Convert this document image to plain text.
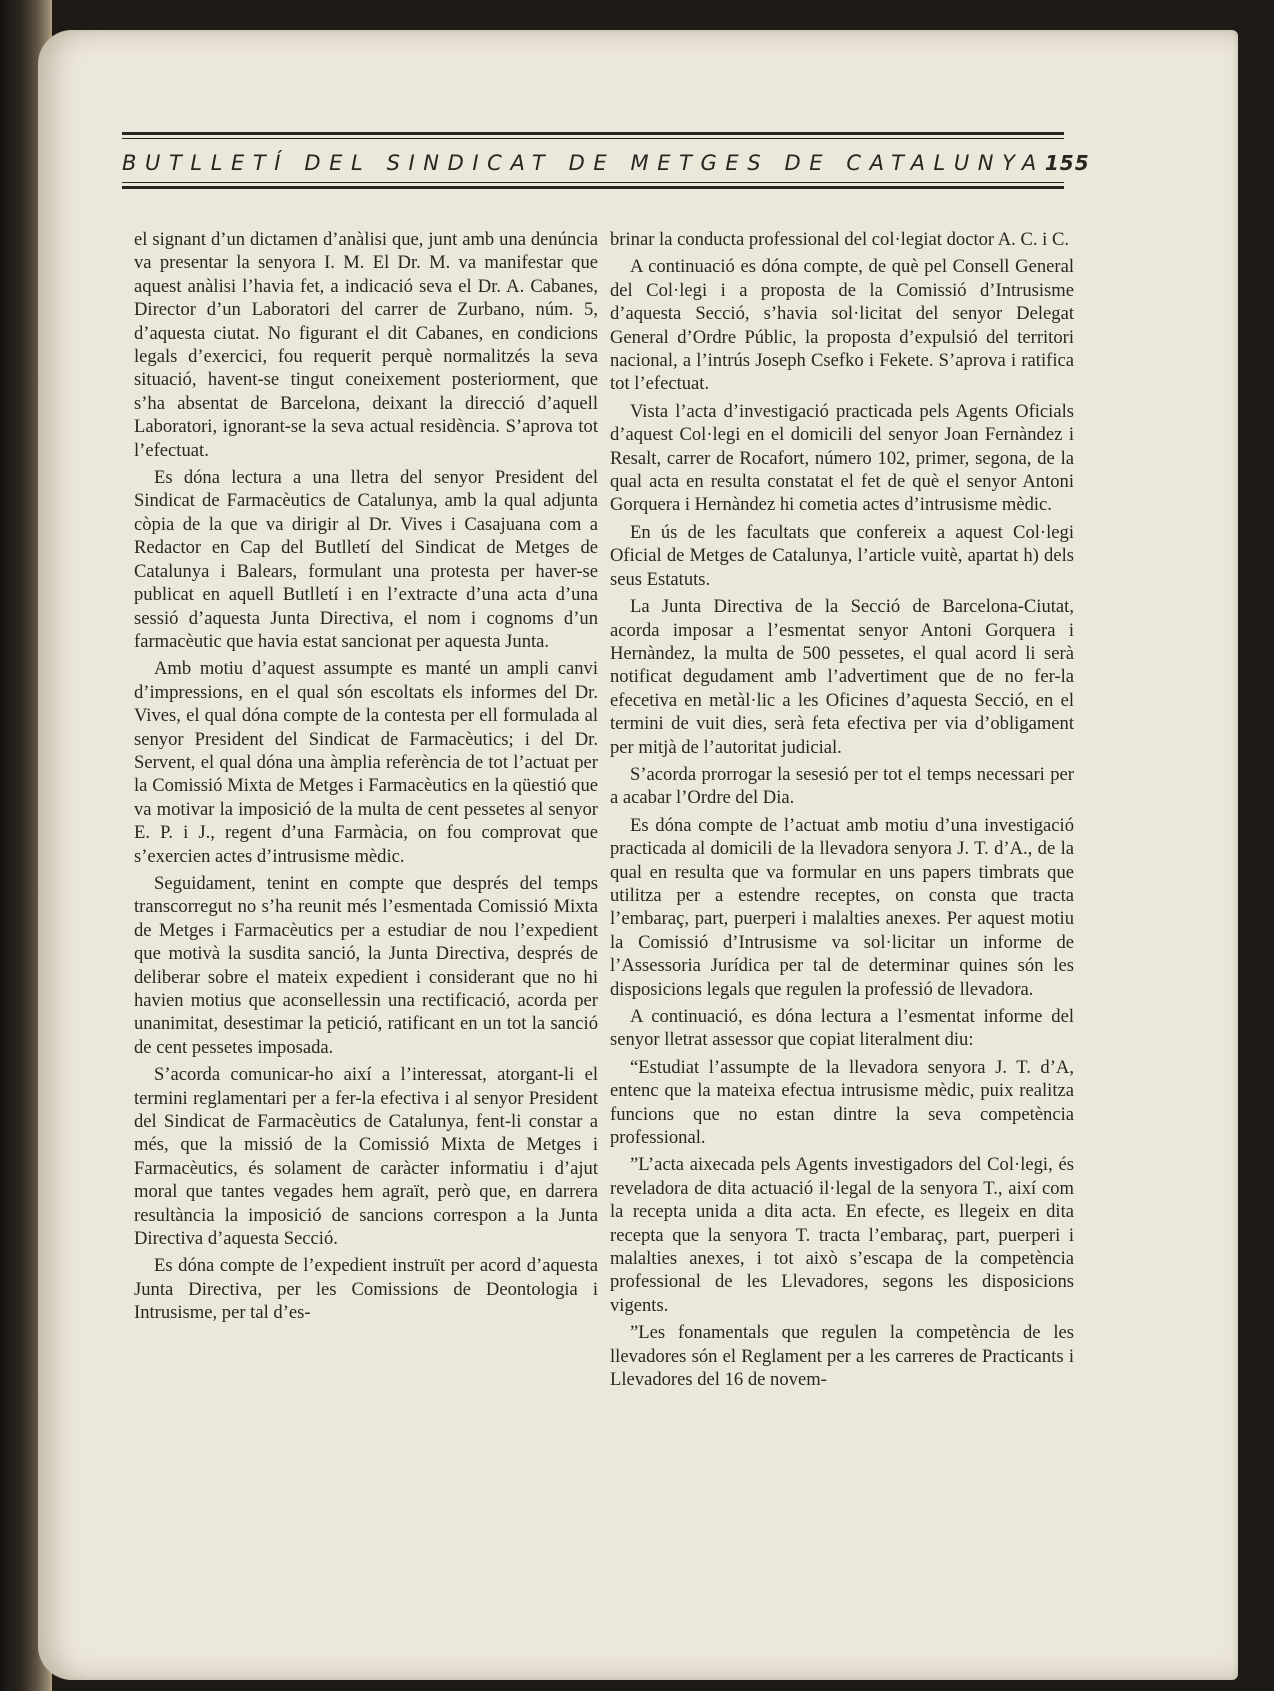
BUTLLETÍ DEL SINDICAT DE METGES DE CATALUNYA 155

el signant d’un dictamen d’anàlisi que, junt amb una denúncia va presentar la senyora I. M. El Dr. M. va manifestar que aquest anàlisi l’havia fet, a indicació seva el Dr. A. Cabanes, Director d’un Laboratori del carrer de Zurbano, núm. 5, d’aquesta ciutat. No figurant el dit Cabanes, en condicions legals d’exercici, fou requerit perquè normalitzés la seva situació, havent-se tingut coneixement posteriorment, que s’ha absentat de Barcelona, deixant la direcció d’aquell Laboratori, ignorant-se la seva actual residència. S’aprova tot l’efectuat.

Es dóna lectura a una lletra del senyor President del Sindicat de Farmacèutics de Catalunya, amb la qual adjunta còpia de la que va dirigir al Dr. Vives i Casajuana com a Redactor en Cap del Butlletí del Sindicat de Metges de Catalunya i Balears, formulant una protesta per haver-se publicat en aquell Butlletí i en l’extracte d’una acta d’una sessió d’aquesta Junta Directiva, el nom i cognoms d’un farmacèutic que havia estat sancionat per aquesta Junta.

Amb motiu d’aquest assumpte es manté un ampli canvi d’impressions, en el qual són escoltats els informes del Dr. Vives, el qual dóna compte de la contesta per ell formulada al senyor President del Sindicat de Farmacèutics; i del Dr. Servent, el qual dóna una àmplia referència de tot l’actuat per la Comissió Mixta de Metges i Farmacèutics en la qüestió que va motivar la imposició de la multa de cent pessetes al senyor E. P. i J., regent d’una Farmàcia, on fou comprovat que s’exercien actes d’intrusisme mèdic.

Seguidament, tenint en compte que després del temps transcorregut no s’ha reunit més l’esmentada Comissió Mixta de Metges i Farmacèutics per a estudiar de nou l’expedient que motivà la susdita sanció, la Junta Directiva, després de deliberar sobre el mateix expedient i considerant que no hi havien motius que aconsellessin una rectificació, acorda per unanimitat, desestimar la petició, ratificant en un tot la sanció de cent pessetes imposada.

S’acorda comunicar-ho així a l’interessat, atorgant-li el termini reglamentari per a fer-la efectiva i al senyor President del Sindicat de Farmacèutics de Catalunya, fent-li constar a més, que la missió de la Comissió Mixta de Metges i Farmacèutics, és solament de caràcter informatiu i d’ajut moral que tantes vegades hem agraït, però que, en darrera resultància la imposició de sancions correspon a la Junta Directiva d’aquesta Secció.

Es dóna compte de l’expedient instruït per acord d’aquesta Junta Directiva, per les Comissions de Deontologia i Intrusisme, per tal d’es-

brinar la conducta professional del col·legiat doctor A. C. i C.

A continuació es dóna compte, de què pel Consell General del Col·legi i a proposta de la Comissió d’Intrusisme d’aquesta Secció, s’havia sol·licitat del senyor Delegat General d’Ordre Públic, la proposta d’expulsió del territori nacional, a l’intrús Joseph Csefko i Fekete. S’aprova i ratifica tot l’efectuat.

Vista l’acta d’investigació practicada pels Agents Oficials d’aquest Col·legi en el domicili del senyor Joan Fernàndez i Resalt, carrer de Rocafort, número 102, primer, segona, de la qual acta en resulta constatat el fet de què el senyor Antoni Gorquera i Hernàndez hi cometia actes d’intrusisme mèdic.

En ús de les facultats que confereix a aquest Col·legi Oficial de Metges de Catalunya, l’article vuitè, apartat h) dels seus Estatuts.

La Junta Directiva de la Secció de Barcelona-Ciutat, acorda imposar a l’esmentat senyor Antoni Gorquera i Hernàndez, la multa de 500 pessetes, el qual acord li serà notificat degudament amb l’advertiment que de no fer-la efecetiva en metàl·lic a les Oficines d’aquesta Secció, en el termini de vuit dies, serà feta efectiva per via d’obligament per mitjà de l’autoritat judicial.

S’acorda prorrogar la sesesió per tot el temps necessari per a acabar l’Ordre del Dia.

Es dóna compte de l’actuat amb motiu d’una investigació practicada al domicili de la llevadora senyora J. T. d’A., de la qual en resulta que va formular en uns papers timbrats que utilitza per a estendre receptes, on consta que tracta l’embaraç, part, puerperi i malalties anexes. Per aquest motiu la Comissió d’Intrusisme va sol·licitar un informe de l’Assessoria Jurídica per tal de determinar quines són les disposicions legals que regulen la professió de llevadora.

A continuació, es dóna lectura a l’esmentat informe del senyor lletrat assessor que copiat literalment diu:

“Estudiat l’assumpte de la llevadora senyora J. T. d’A, entenc que la mateixa efectua intrusisme mèdic, puix realitza funcions que no estan dintre la seva competència professional.

”L’acta aixecada pels Agents investigadors del Col·legi, és reveladora de dita actuació il·legal de la senyora T., així com la recepta unida a dita acta. En efecte, es llegeix en dita recepta que la senyora T. tracta l’embaraç, part, puerperi i malalties anexes, i tot això s’escapa de la competència professional de les Llevadores, segons les disposicions vigents.

”Les fonamentals que regulen la competència de les llevadores són el Reglament per a les carreres de Practicants i Llevadores del 16 de novem-
